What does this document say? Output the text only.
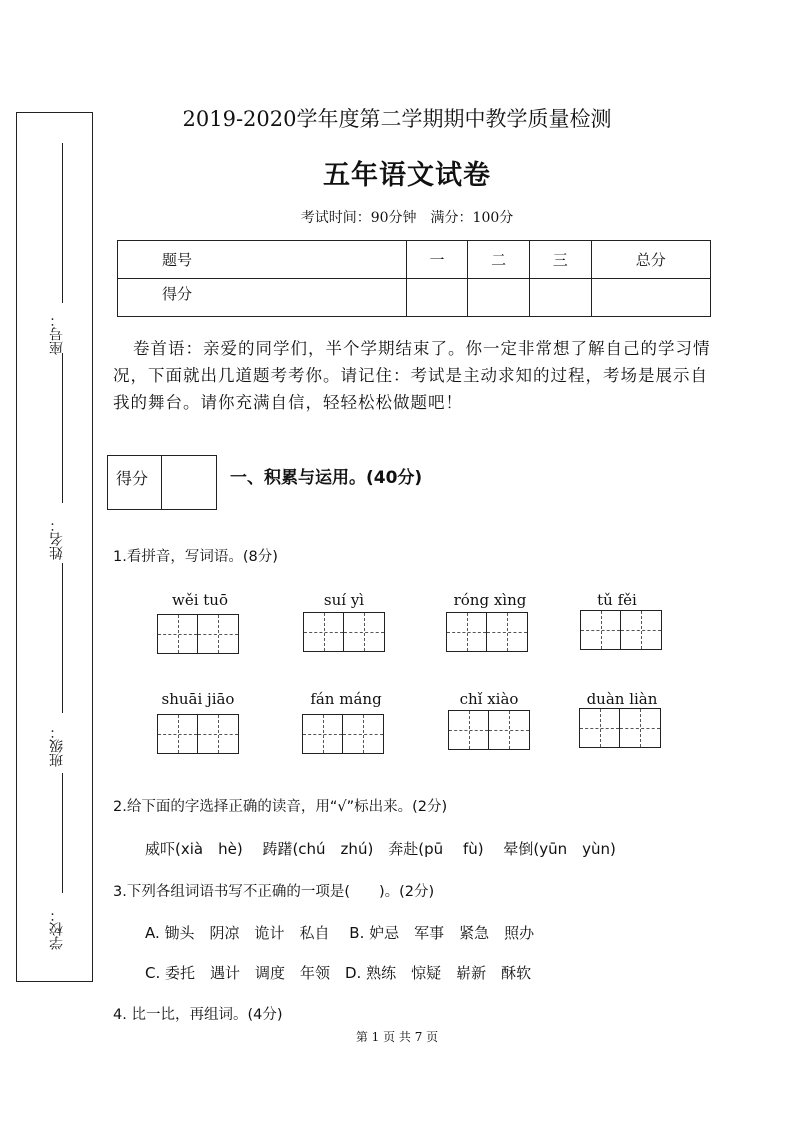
座号：
姓名：
班级：
学校：
2019-2020学年度第二学期期中教学质量检测
五年语文试卷
考试时间：90分钟　满分：100分
题号	一	二	三	总分
得分				
卷首语：亲爱的同学们，半个学期结束了。你一定非常想了解自己的学习情况，下面就出几道题考考你。请记住：考试是主动求知的过程，考场是展示自我的舞台。请你充满自信，轻轻松松做题吧！
得分	一、积累与运用。(40分)
1.看拼音，写词语。(8分)
wěi tuō	suí yì	róng xìng	tǔ fěi
shuāi jiāo	fán máng	chǐ xiào	duàn liàn
2.给下面的字选择正确的读音，用“√”标出来。(2分)
威吓(xià　hè)　 踌躇(chú　zhú)　奔赴(pū　 fù)　 晕倒(yūn　yùn)
3.下列各组词语书写不正确的一项是(　　)。(2分)
A. 锄头　阴凉　诡计　私自　 B. 妒忌　军事　紧急　照办
C. 委托　遇计　调度　年领　D. 熟练　惊疑　崭新　酥软
4. 比一比，再组词。(4分)
第 1 页 共 7 页
